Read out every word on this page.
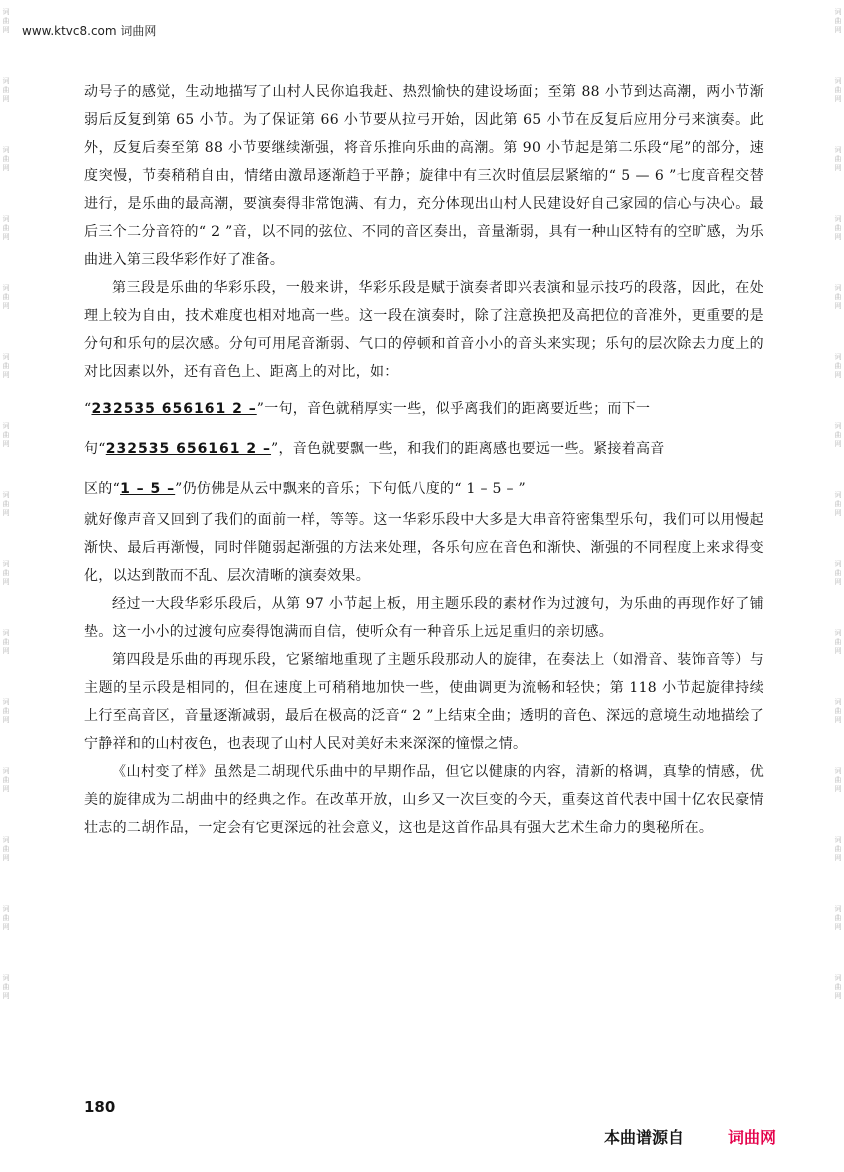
词
曲
网
词
曲
网
词
曲
网
词
曲
网
词
曲
网
词
曲
网
词
曲
网
词
曲
网
词
曲
网
词
曲
网
词
曲
网
词
曲
网
词
曲
网
词
曲
网
词
曲
网
词
曲
网
词
曲
网
词
曲
网
词
曲
网
词
曲
网
词
曲
网
词
曲
网
词
曲
网
词
曲
网
词
曲
网
词
曲
网
词
曲
网
词
曲
网
词
曲
网
词
曲
网
www.ktvc8.com 词曲网

动号子的感觉，生动地描写了山村人民你追我赶、热烈愉快的建设场面；至第 88 小节到达高潮，两小节渐弱后反复到第 65 小节。为了保证第 66 小节要从拉弓开始，因此第 65 小节在反复后应用分弓来演奏。此外，反复后奏至第 88 小节要继续渐强，将音乐推向乐曲的高潮。第 90 小节起是第二乐段“尾”的部分，速度突慢，节奏稍稍自由，情绪由激昂逐渐趋于平静；旋律中有三次时值层层紧缩的“ 5 — 6 ”七度音程交替进行，是乐曲的最高潮，要演奏得非常饱满、有力，充分体现出山村人民建设好自己家园的信心与决心。最后三个二分音符的“ 2 ”音，以不同的弦位、不同的音区奏出，音量渐弱，具有一种山区特有的空旷感，为乐曲进入第三段华彩作好了准备。

第三段是乐曲的华彩乐段，一般来讲，华彩乐段是赋于演奏者即兴表演和显示技巧的段落，因此，在处理上较为自由，技术难度也相对地高一些。这一段在演奏时，除了注意换把及高把位的音准外，更重要的是分句和乐句的层次感。分句可用尾音渐弱、气口的停顿和首音小小的音头来实现；乐句的层次除去力度上的对比因素以外，还有音色上、距离上的对比，如：

“232535 656161 2 –”一句，音色就稍厚实一些，似乎离我们的距离要近些；而下一
句“232535 656161 2 –”，音色就要飘一些，和我们的距离感也要远一些。紧接着高音
区的“1 – 5 –”仍仿佛是从云中飘来的音乐；下句低八度的“ 1 – 5 – ”

就好像声音又回到了我们的面前一样，等等。这一华彩乐段中大多是大串音符密集型乐句，我们可以用慢起渐快、最后再渐慢，同时伴随弱起渐强的方法来处理，各乐句应在音色和渐快、渐强的不同程度上来求得变化，以达到散而不乱、层次清晰的演奏效果。

经过一大段华彩乐段后，从第 97 小节起上板，用主题乐段的素材作为过渡句，为乐曲的再现作好了铺垫。这一小小的过渡句应奏得饱满而自信，使听众有一种音乐上远足重归的亲切感。

第四段是乐曲的再现乐段，它紧缩地重现了主题乐段那动人的旋律，在奏法上（如滑音、装饰音等）与主题的呈示段是相同的，但在速度上可稍稍地加快一些，使曲调更为流畅和轻快；第 118 小节起旋律持续上行至高音区，音量逐渐减弱，最后在极高的泛音“ 2 ”上结束全曲；透明的音色、深远的意境生动地描绘了宁静祥和的山村夜色，也表现了山村人民对美好未来深深的憧憬之情。

《山村变了样》虽然是二胡现代乐曲中的早期作品，但它以健康的内容，清新的格调，真挚的情感，优美的旋律成为二胡曲中的经典之作。在改革开放，山乡又一次巨变的今天，重奏这首代表中国十亿农民豪情壮志的二胡作品，一定会有它更深远的社会意义，这也是这首作品具有强大艺术生命力的奥秘所在。

180
本曲谱源自	词曲网
